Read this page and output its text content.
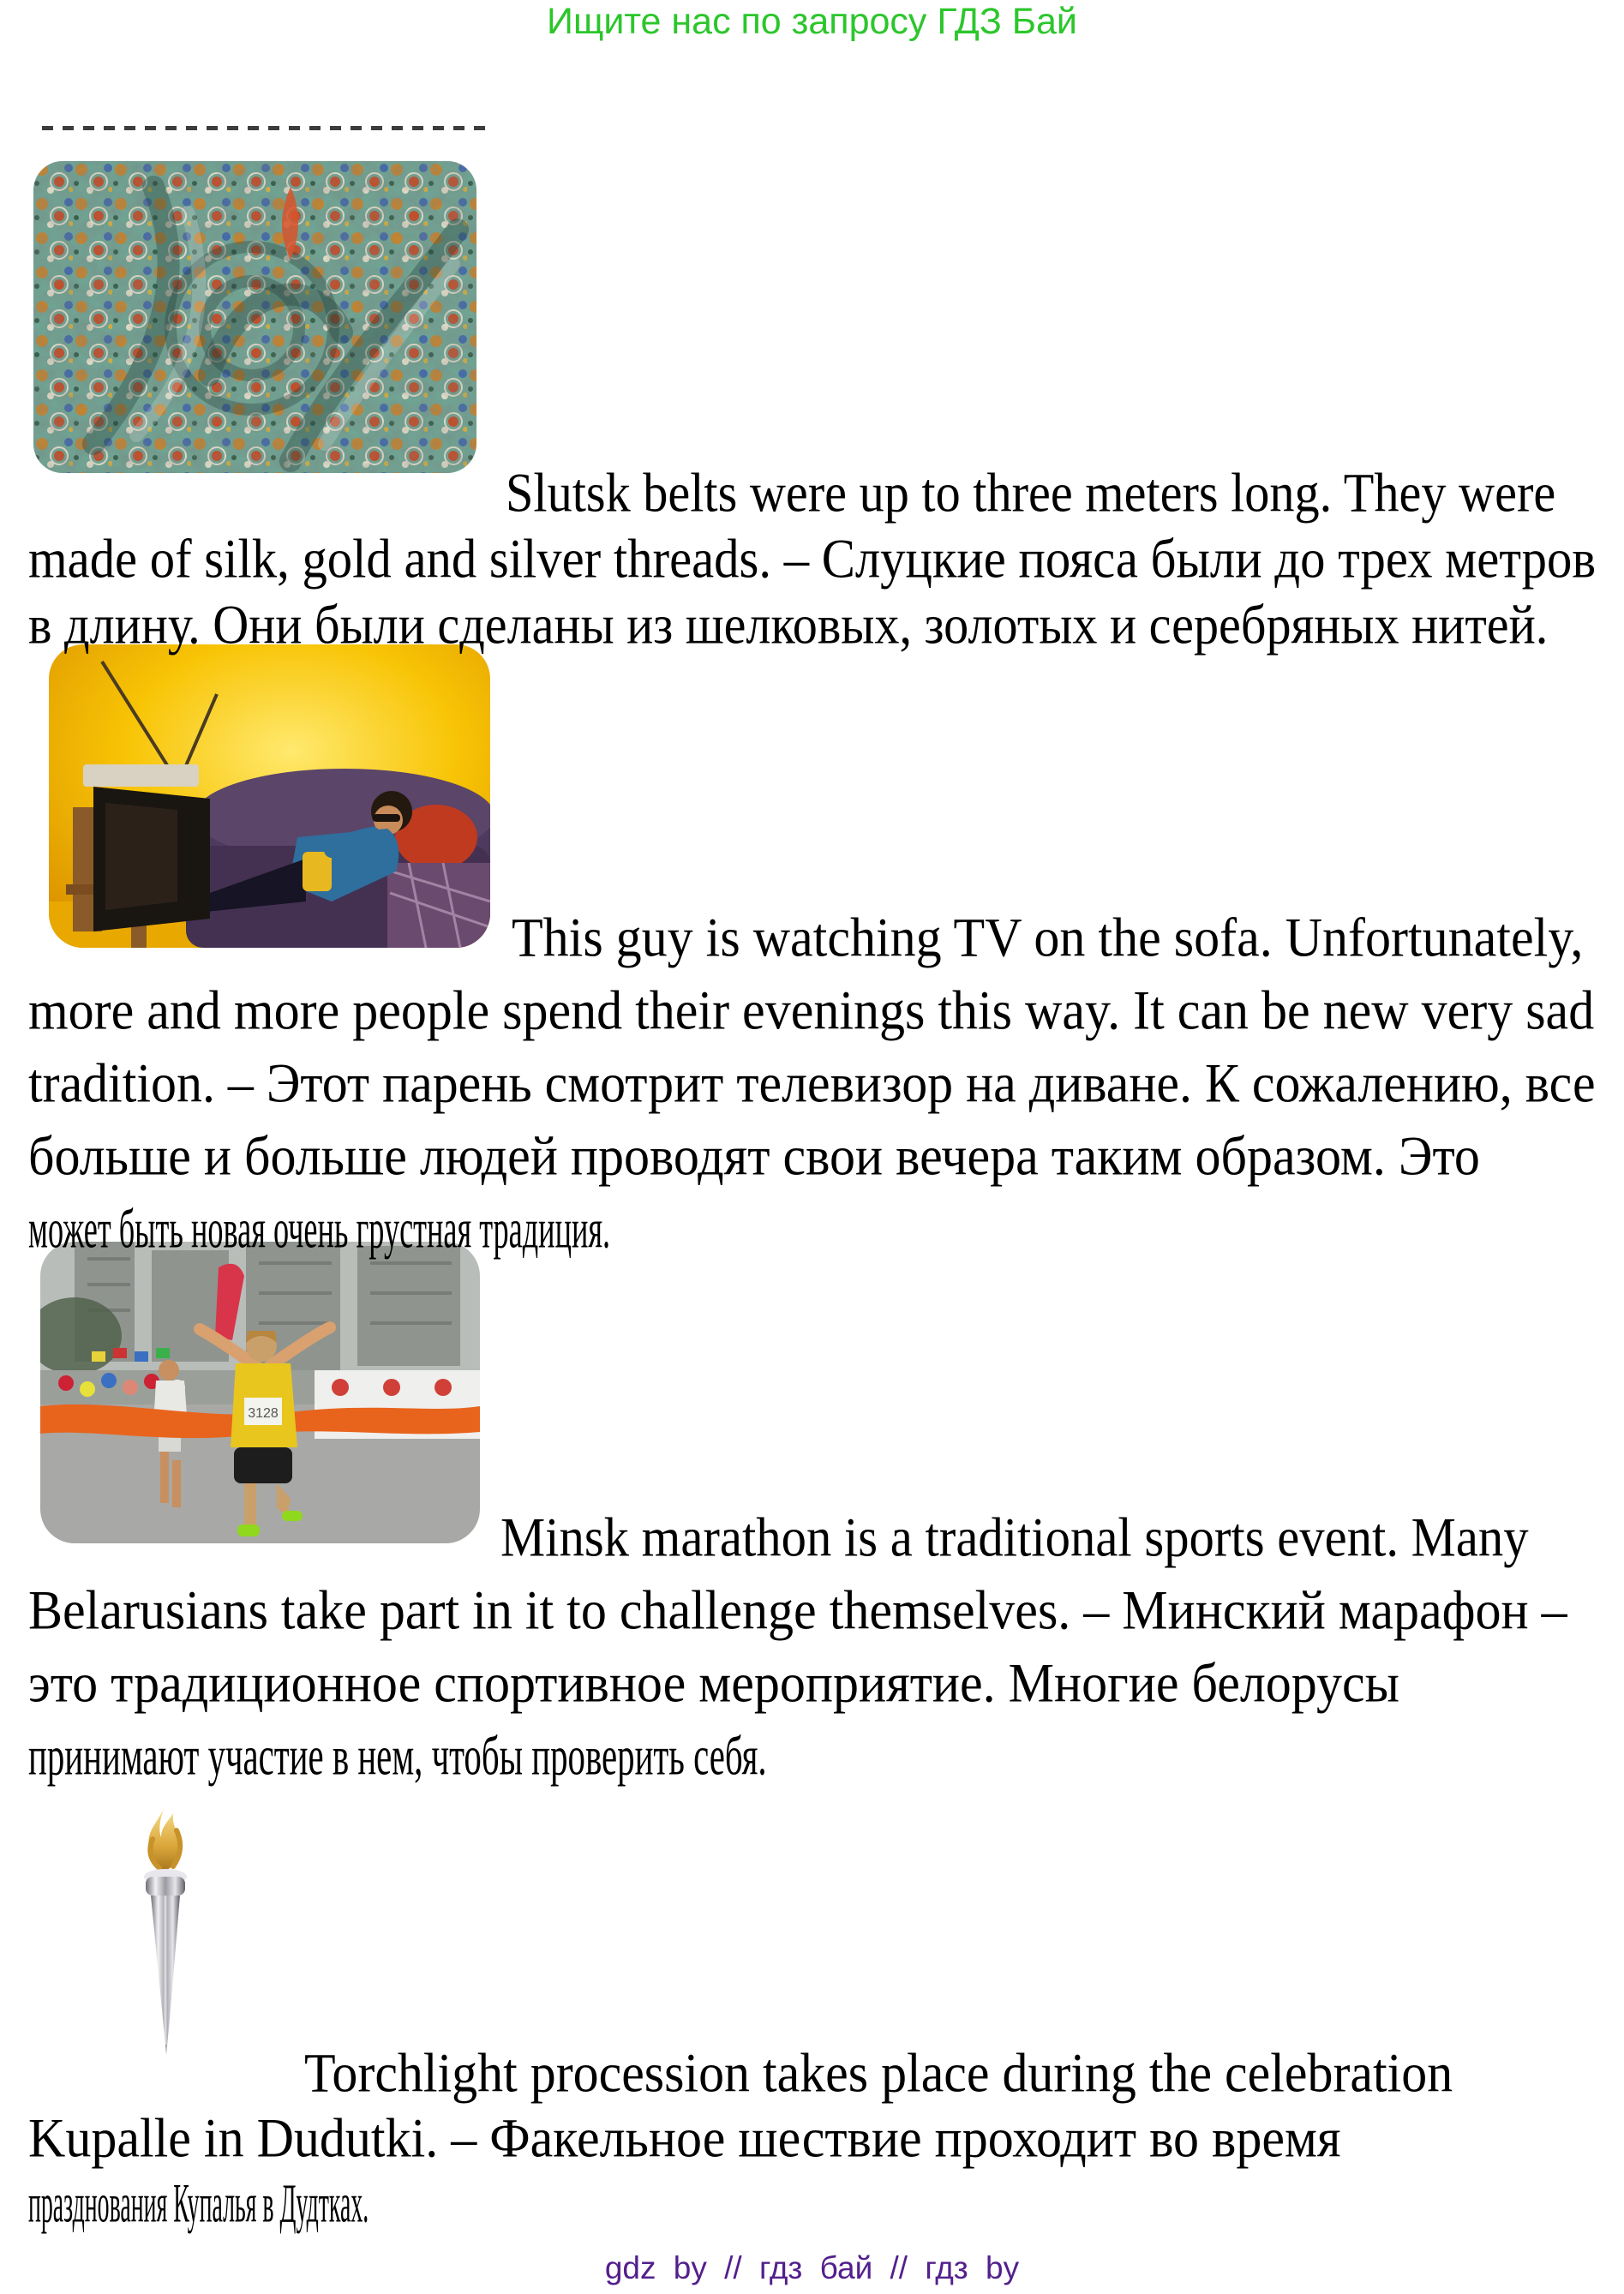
Ищите нас по запросу ГДЗ Бай
3128
Slutsk belts were up to three meters long. They were
made of silk, gold and silver threads. – Слуцкие пояса были до трех метров
в длину. Они были сделаны из шелковых, золотых и серебряных нитей.
This guy is watching TV on the sofa. Unfortunately,
more and more people spend their evenings this way. It can be new very sad
tradition. – Этот парень смотрит телевизор на диване. К сожалению, все
больше и больше людей проводят свои вечера таким образом. Это
может быть новая очень грустная традиция.
Minsk marathon is a traditional sports event. Many
Belarusians take part in it to challenge themselves. – Минский марафон –
это традиционное спортивное мероприятие. Многие белорусы
принимают участие в нем, чтобы проверить себя.
Torchlight procession takes place during the celebration
Kupalle in Dudutki. – Факельное шествие проходит во время
празднования Купалья в Дудтках.
gdz by // гдз бай // гдз by
